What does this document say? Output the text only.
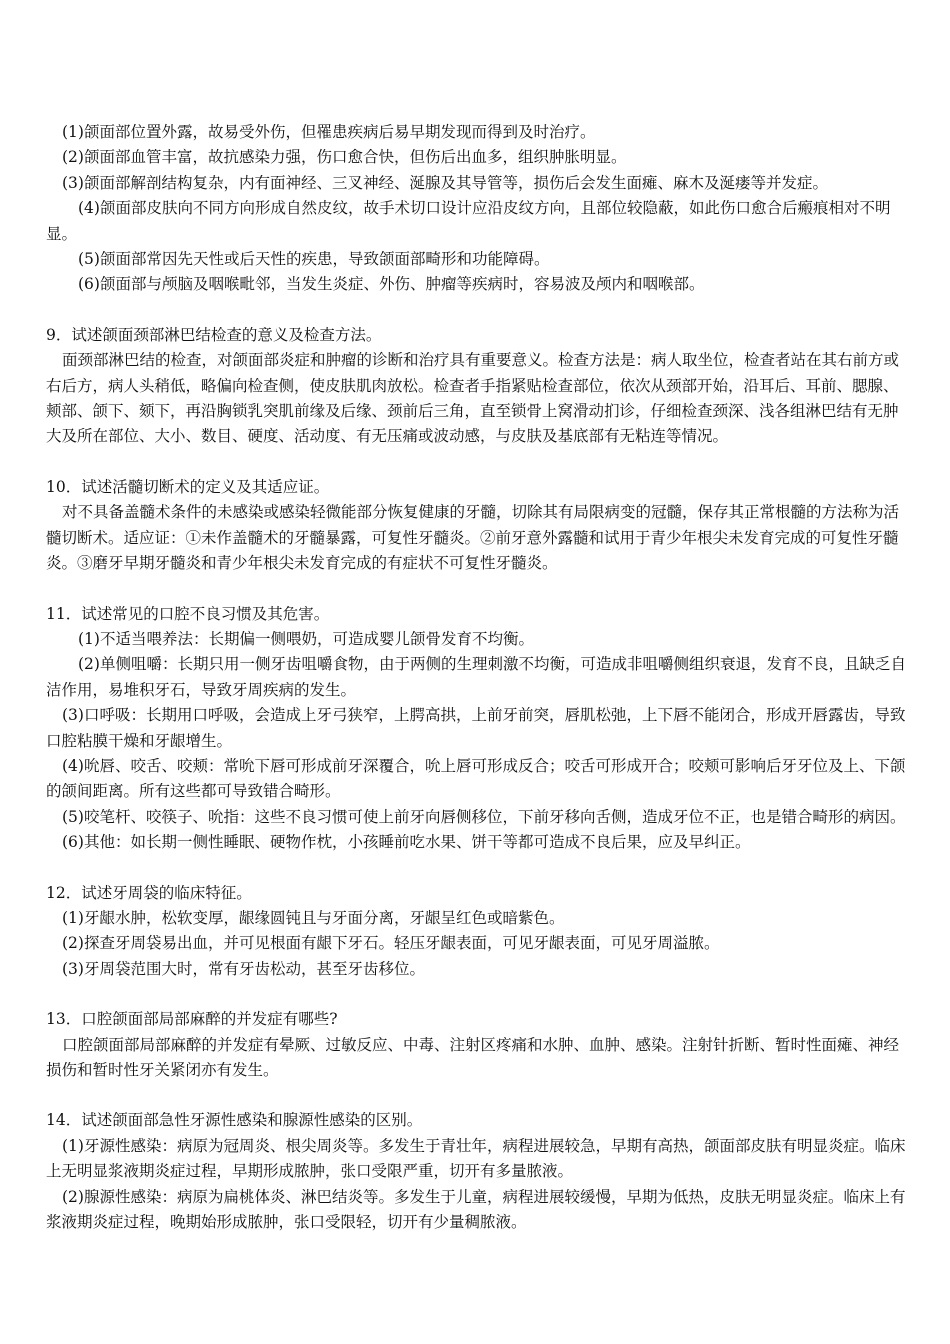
(1)颌面部位置外露，故易受外伤，但罹患疾病后易早期发现而得到及时治疗。

(2)颌面部血管丰富，故抗感染力强，伤口愈合快，但伤后出血多，组织肿胀明显。

(3)颌面部解剖结构复杂，内有面神经、三叉神经、涎腺及其导管等，损伤后会发生面瘫、麻木及涎瘘等并发症。

(4)颌面部皮肤向不同方向形成自然皮纹，故手术切口设计应沿皮纹方向，且部位较隐蔽，如此伤口愈合后瘢痕相对不明显。

(5)颌面部常因先天性或后天性的疾患，导致颌面部畸形和功能障碍。

(6)颌面部与颅脑及咽喉毗邻，当发生炎症、外伤、肿瘤等疾病时，容易波及颅内和咽喉部。

9．试述颌面颈部淋巴结检查的意义及检查方法。

面颈部淋巴结的检查，对颌面部炎症和肿瘤的诊断和治疗具有重要意义。检查方法是：病人取坐位，检查者站在其右前方或右后方，病人头稍低，略偏向检查侧，使皮肤肌肉放松。检查者手指紧贴检查部位，依次从颈部开始，沿耳后、耳前、腮腺、颊部、颌下、颏下，再沿胸锁乳突肌前缘及后缘、颈前后三角，直至锁骨上窝滑动扪诊，仔细检查颈深、浅各组淋巴结有无肿大及所在部位、大小、数目、硬度、活动度、有无压痛或波动感，与皮肤及基底部有无粘连等情况。

10．试述活髓切断术的定义及其适应证。

对不具备盖髓术条件的未感染或感染轻微能部分恢复健康的牙髓，切除其有局限病变的冠髓，保存其正常根髓的方法称为活髓切断术。适应证：①未作盖髓术的牙髓暴露，可复性牙髓炎。②前牙意外露髓和试用于青少年根尖未发育完成的可复性牙髓炎。③磨牙早期牙髓炎和青少年根尖未发育完成的有症状不可复性牙髓炎。

11．试述常见的口腔不良习惯及其危害。

(1)不适当喂养法：长期偏一侧喂奶，可造成婴儿颌骨发育不均衡。

(2)单侧咀嚼：长期只用一侧牙齿咀嚼食物，由于两侧的生理刺激不均衡，可造成非咀嚼侧组织衰退，发育不良，且缺乏自洁作用，易堆积牙石，导致牙周疾病的发生。

(3)口呼吸：长期用口呼吸，会造成上牙弓狭窄，上腭高拱，上前牙前突，唇肌松弛，上下唇不能闭合，形成开唇露齿，导致口腔粘膜干燥和牙龈增生。

(4)吮唇、咬舌、咬颊：常吮下唇可形成前牙深覆合，吮上唇可形成反合；咬舌可形成开合；咬颊可影响后牙牙位及上、下颌的颌间距离。所有这些都可导致错合畸形。

(5)咬笔杆、咬筷子、吮指：这些不良习惯可使上前牙向唇侧移位，下前牙移向舌侧，造成牙位不正，也是错合畸形的病因。

(6)其他：如长期一侧性睡眠、硬物作枕，小孩睡前吃水果、饼干等都可造成不良后果，应及早纠正。

12．试述牙周袋的临床特征。

(1)牙龈水肿，松软变厚，龈缘圆钝且与牙面分离，牙龈呈红色或暗紫色。

(2)探查牙周袋易出血，并可见根面有龈下牙石。轻压牙龈表面，可见牙龈表面，可见牙周溢脓。

(3)牙周袋范围大时，常有牙齿松动，甚至牙齿移位。

13．口腔颌面部局部麻醉的并发症有哪些?

口腔颌面部局部麻醉的并发症有晕厥、过敏反应、中毒、注射区疼痛和水肿、血肿、感染。注射针折断、暂时性面瘫、神经损伤和暂时性牙关紧闭亦有发生。

14．试述颌面部急性牙源性感染和腺源性感染的区别。

(1)牙源性感染：病原为冠周炎、根尖周炎等。多发生于青壮年，病程进展较急，早期有高热，颌面部皮肤有明显炎症。临床上无明显浆液期炎症过程，早期形成脓肿，张口受限严重，切开有多量脓液。

(2)腺源性感染：病原为扁桃体炎、淋巴结炎等。多发生于儿童，病程进展较缓慢，早期为低热，皮肤无明显炎症。临床上有浆液期炎症过程，晚期始形成脓肿，张口受限轻，切开有少量稠脓液。
